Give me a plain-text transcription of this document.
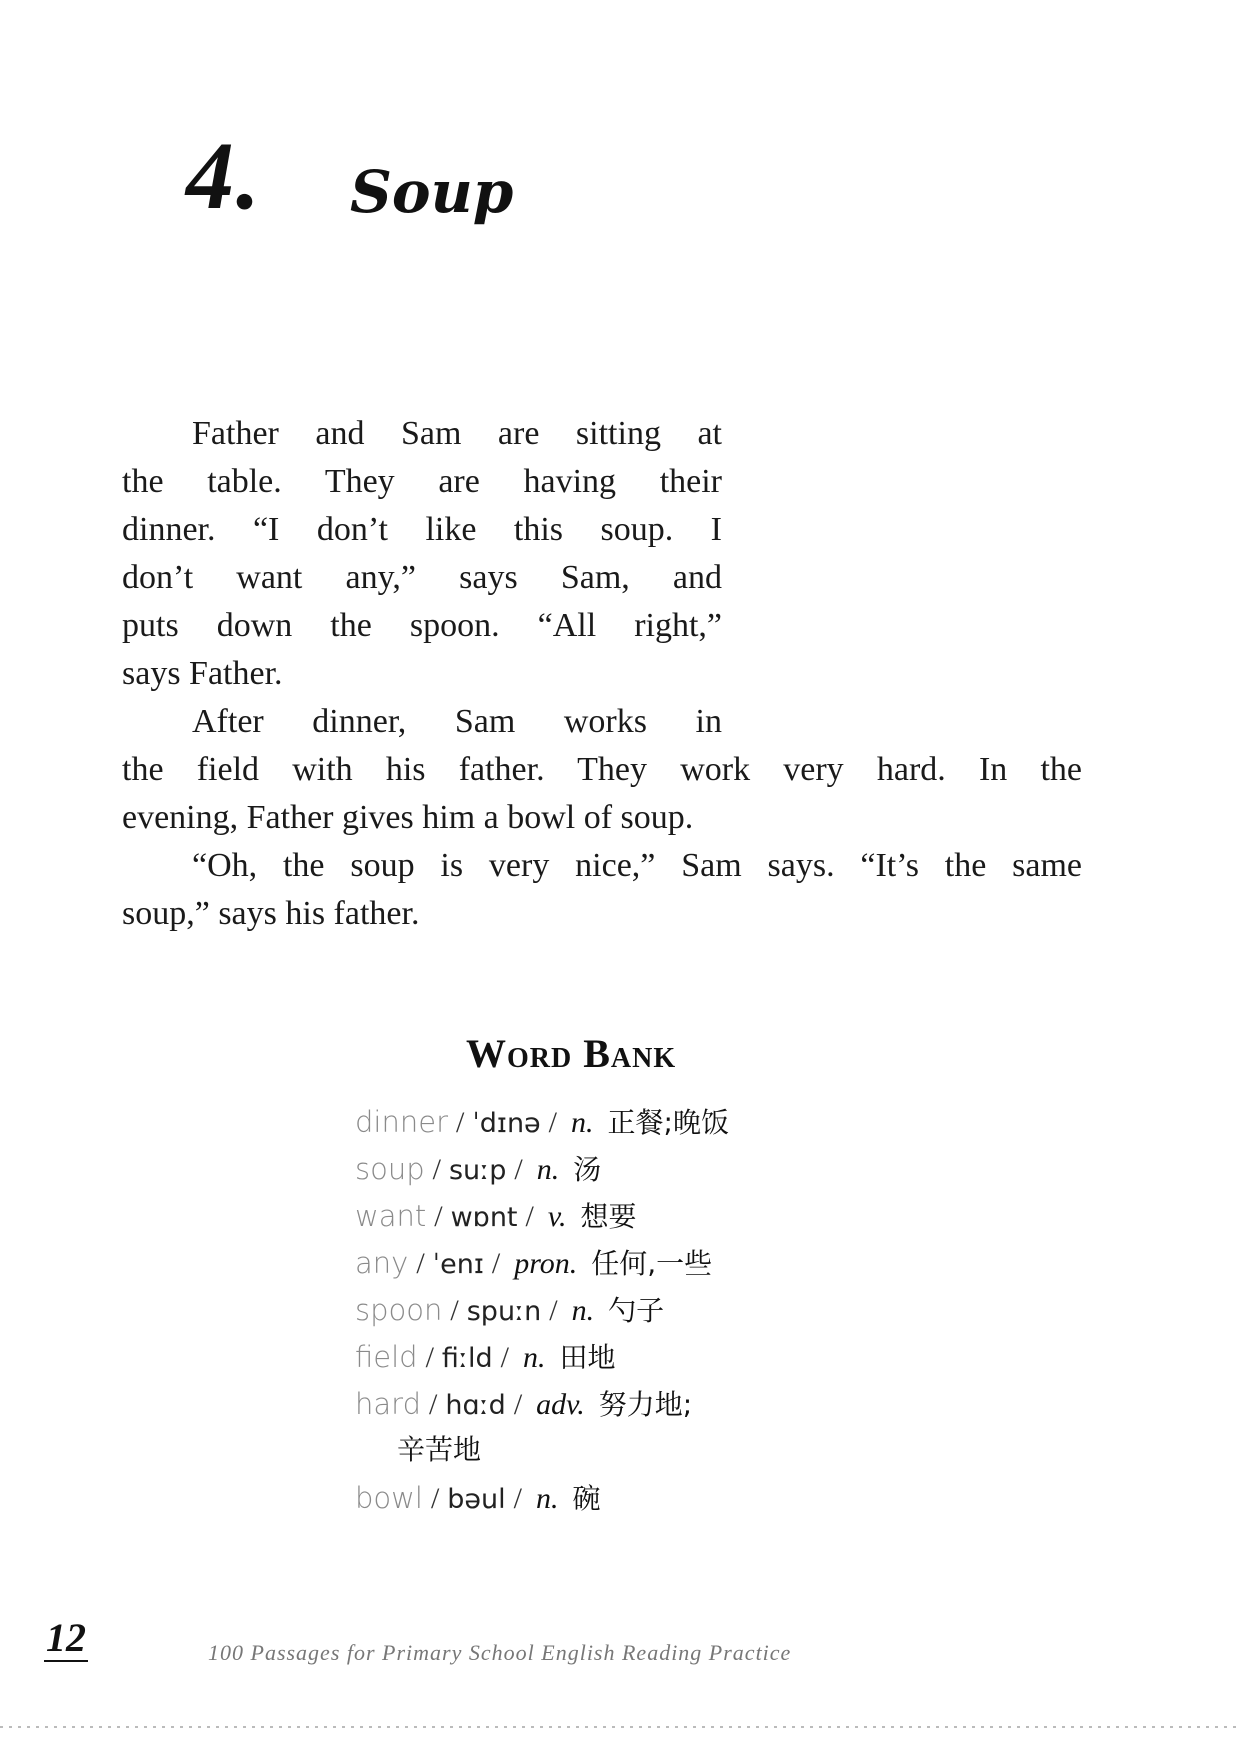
4. Soup
Father and Sam are sitting at
the table. They are having their
dinner. “I don’t like this soup. I
don’t want any,” says Sam, and
puts down the spoon. “All right,”
says Father.
After dinner, Sam works in
the field with his father. They work very hard. In the
evening, Father gives him a bowl of soup.
“Oh, the soup is very nice,” Sam says. “It’s the same
soup,” says his father.
Word Bank
dinner / ˈdɪnə / n. 正餐;晚饭
soup / suːp / n. 汤
want / wɒnt / v. 想要
any / ˈenɪ / pron. 任何,一些
spoon / spuːn / n. 勺子
field / fiːld / n. 田地
hard / hɑːd / adv. 努力地;
辛苦地
bowl / bəul / n. 碗
12	100 Passages for Primary School English Reading Practice
